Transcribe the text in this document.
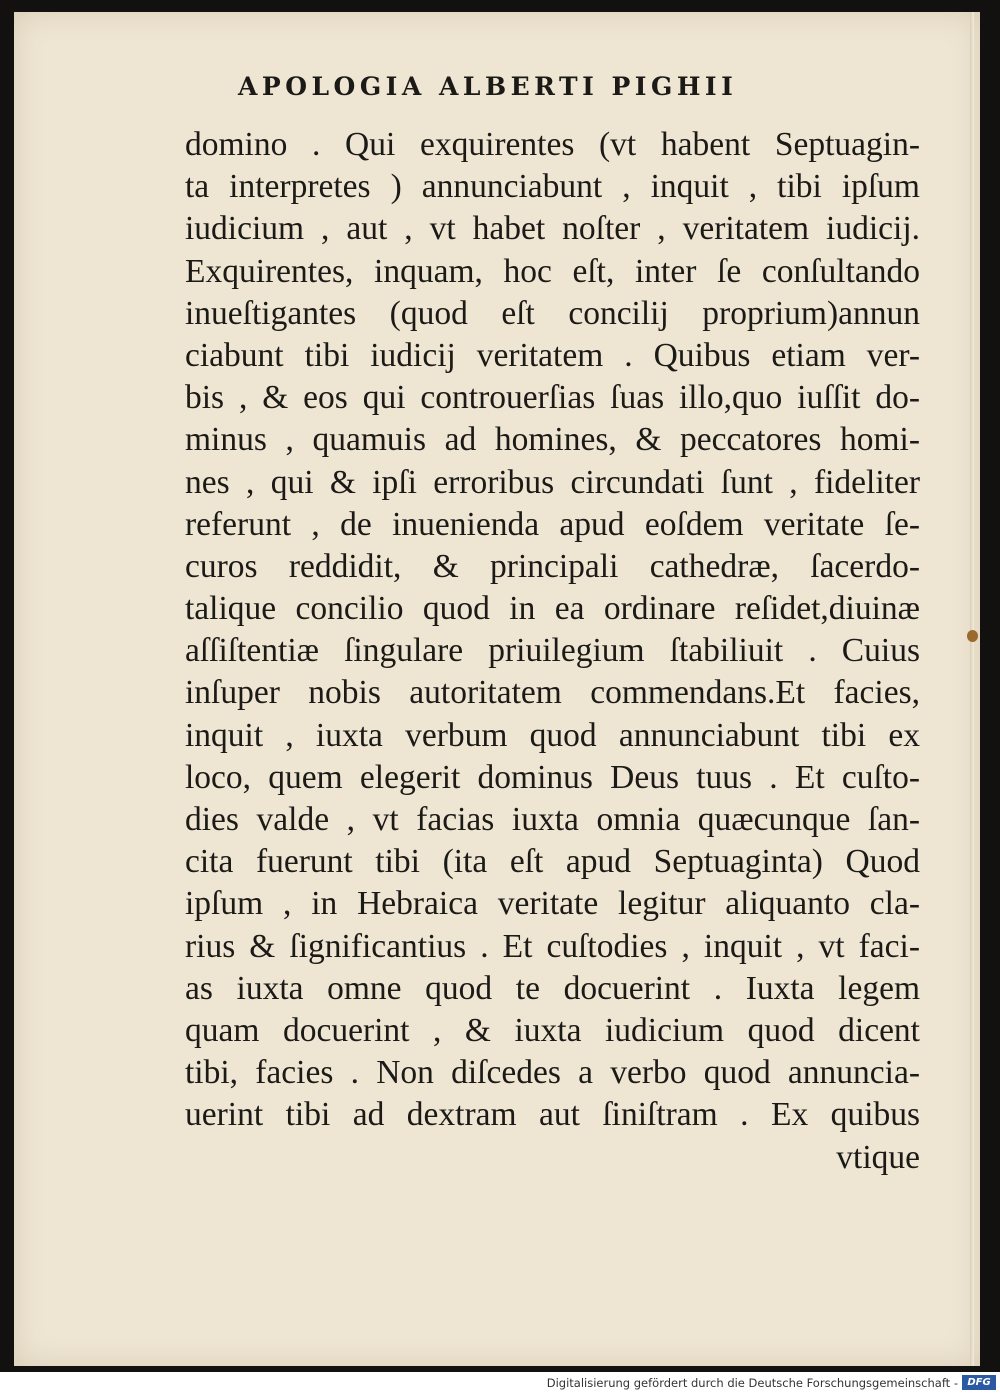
APOLOGIA ALBERTI PIGHII
domino . Qui exquirentes (vt habent Septuagin-
ta interpretes ) annunciabunt , inquit , tibi ipſum
iudicium , aut , vt habet noſter , veritatem iudicij.
Exquirentes, inquam, hoc eſt, inter ſe conſultando
inueſtigantes (quod eſt concilij proprium)annun
ciabunt tibi iudicij veritatem . Quibus etiam ver-
bis , & eos qui controuerſias ſuas illo,quo iuſſit do-
minus , quamuis ad homines, & peccatores homi-
nes , qui & ipſi erroribus circundati ſunt , fideliter
referunt , de inuenienda apud eoſdem veritate ſe-
curos reddidit, & principali cathedræ, ſacerdo-
talique concilio quod in ea ordinare reſidet,diuinæ
aſſiſtentiæ ſingulare priuilegium ſtabiliuit . Cuius
inſuper nobis autoritatem commendans.Et facies,
inquit , iuxta verbum quod annunciabunt tibi ex
loco, quem elegerit dominus Deus tuus . Et cuſto-
dies valde , vt facias iuxta omnia quæcunque ſan-
cita fuerunt tibi (ita eſt apud Septuaginta) Quod
ipſum , in Hebraica veritate legitur aliquanto cla-
rius & ſignificantius . Et cuſtodies , inquit , vt faci-
as iuxta omne quod te docuerint . Iuxta legem
quam docuerint , & iuxta iudicium quod dicent
tibi, facies . Non diſcedes a verbo quod annuncia-
uerint tibi ad dextram aut ſiniſtram . Ex quibus
vtique
Digitalisierung gefördert durch die Deutsche Forschungsgemeinschaft - DFG
